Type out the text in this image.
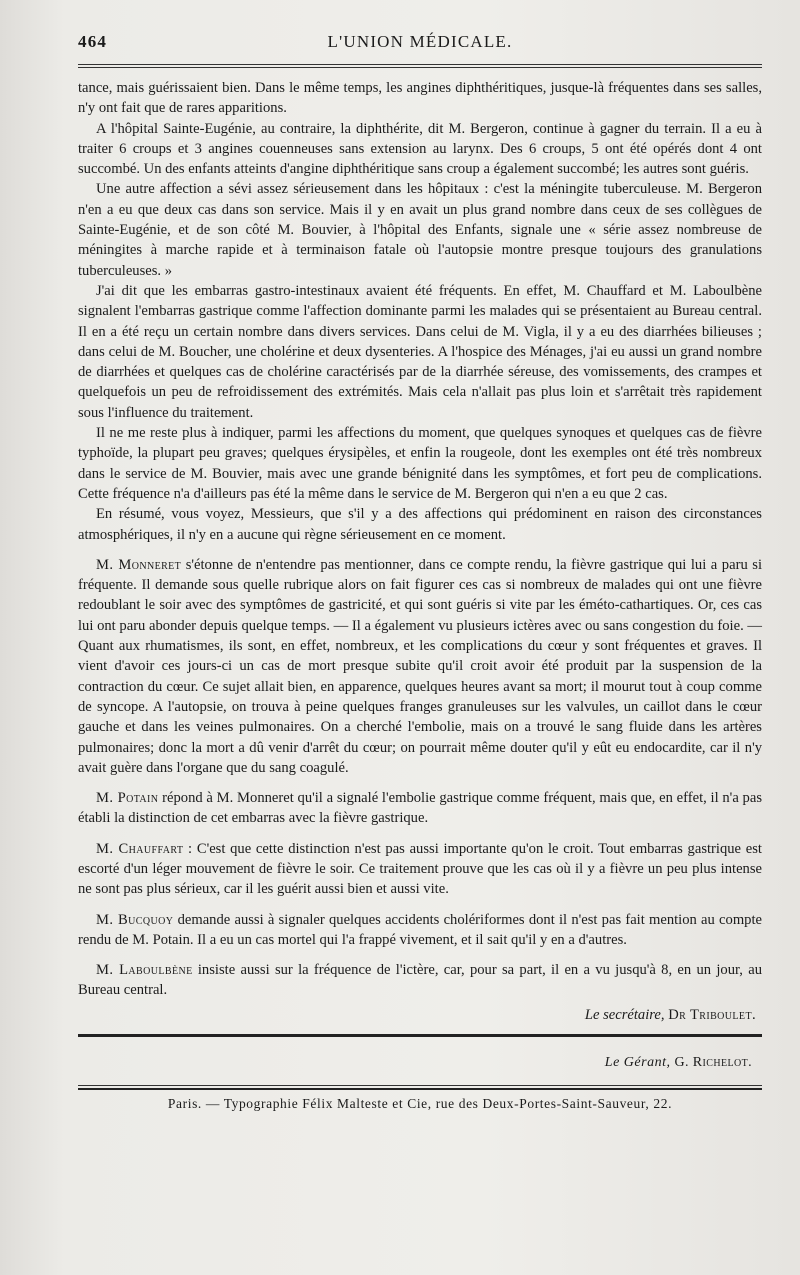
464	L'UNION MÉDICALE.

tance, mais guérissaient bien. Dans le même temps, les angines diphthéritiques, jusque-là fréquentes dans ses salles, n'y ont fait que de rares apparitions.

A l'hôpital Sainte-Eugénie, au contraire, la diphthérite, dit M. Bergeron, continue à gagner du terrain. Il a eu à traiter 6 croups et 3 angines couenneuses sans extension au larynx. Des 6 croups, 5 ont été opérés dont 4 ont succombé. Un des enfants atteints d'angine diphthéritique sans croup a également succombé; les autres sont guéris.

Une autre affection a sévi assez sérieusement dans les hôpitaux : c'est la méningite tuberculeuse. M. Bergeron n'en a eu que deux cas dans son service. Mais il y en avait un plus grand nombre dans ceux de ses collègues de Sainte-Eugénie, et de son côté M. Bouvier, à l'hôpital des Enfants, signale une « série assez nombreuse de méningites à marche rapide et à terminaison fatale où l'autopsie montre presque toujours des granulations tuberculeuses. »

J'ai dit que les embarras gastro-intestinaux avaient été fréquents. En effet, M. Chauffard et M. Laboulbène signalent l'embarras gastrique comme l'affection dominante parmi les malades qui se présentaient au Bureau central. Il en a été reçu un certain nombre dans divers services. Dans celui de M. Vigla, il y a eu des diarrhées bilieuses ; dans celui de M. Boucher, une cholérine et deux dysenteries. A l'hospice des Ménages, j'ai eu aussi un grand nombre de diarrhées et quelques cas de cholérine caractérisés par de la diarrhée séreuse, des vomissements, des crampes et quelquefois un peu de refroidissement des extrémités. Mais cela n'allait pas plus loin et s'arrêtait très rapidement sous l'influence du traitement.

Il ne me reste plus à indiquer, parmi les affections du moment, que quelques synoques et quelques cas de fièvre typhoïde, la plupart peu graves; quelques érysipèles, et enfin la rougeole, dont les exemples ont été très nombreux dans le service de M. Bouvier, mais avec une grande bénignité dans les symptômes, et fort peu de complications. Cette fréquence n'a d'ailleurs pas été la même dans le service de M. Bergeron qui n'en a eu que 2 cas.

En résumé, vous voyez, Messieurs, que s'il y a des affections qui prédominent en raison des circonstances atmosphériques, il n'y en a aucune qui règne sérieusement en ce moment.

M. Monneret s'étonne de n'entendre pas mentionner, dans ce compte rendu, la fièvre gastrique qui lui a paru si fréquente. Il demande sous quelle rubrique alors on fait figurer ces cas si nombreux de malades qui ont une fièvre redoublant le soir avec des symptômes de gastricité, et qui sont guéris si vite par les éméto-cathartiques. Or, ces cas lui ont paru abonder depuis quelque temps. — Il a également vu plusieurs ictères avec ou sans congestion du foie. — Quant aux rhumatismes, ils sont, en effet, nombreux, et les complications du cœur y sont fréquentes et graves. Il vient d'avoir ces jours-ci un cas de mort presque subite qu'il croit avoir été produit par la suspension de la contraction du cœur. Ce sujet allait bien, en apparence, quelques heures avant sa mort; il mourut tout à coup comme de syncope. A l'autopsie, on trouva à peine quelques franges granuleuses sur les valvules, un caillot dans le cœur gauche et dans les veines pulmonaires. On a cherché l'embolie, mais on a trouvé le sang fluide dans les artères pulmonaires; donc la mort a dû venir d'arrêt du cœur; on pourrait même douter qu'il y eût eu endocardite, car il n'y avait guère dans l'organe que du sang coagulé.

M. Potain répond à M. Monneret qu'il a signalé l'embolie gastrique comme fréquent, mais que, en effet, il n'a pas établi la distinction de cet embarras avec la fièvre gastrique.

M. Chauffart : C'est que cette distinction n'est pas aussi importante qu'on le croit. Tout embarras gastrique est escorté d'un léger mouvement de fièvre le soir. Ce traitement prouve que les cas où il y a fièvre un peu plus intense ne sont pas plus sérieux, car il les guérit aussi bien et aussi vite.

M. Bucquoy demande aussi à signaler quelques accidents cholériformes dont il n'est pas fait mention au compte rendu de M. Potain. Il a eu un cas mortel qui l'a frappé vivement, et il sait qu'il y en a d'autres.

M. Laboulbène insiste aussi sur la fréquence de l'ictère, car, pour sa part, il en a vu jusqu'à 8, en un jour, au Bureau central.

Le secrétaire, Dr Triboulet.
Le Gérant, G. Richelot.
Paris. — Typographie Félix Malteste et Cie, rue des Deux-Portes-Saint-Sauveur, 22.
